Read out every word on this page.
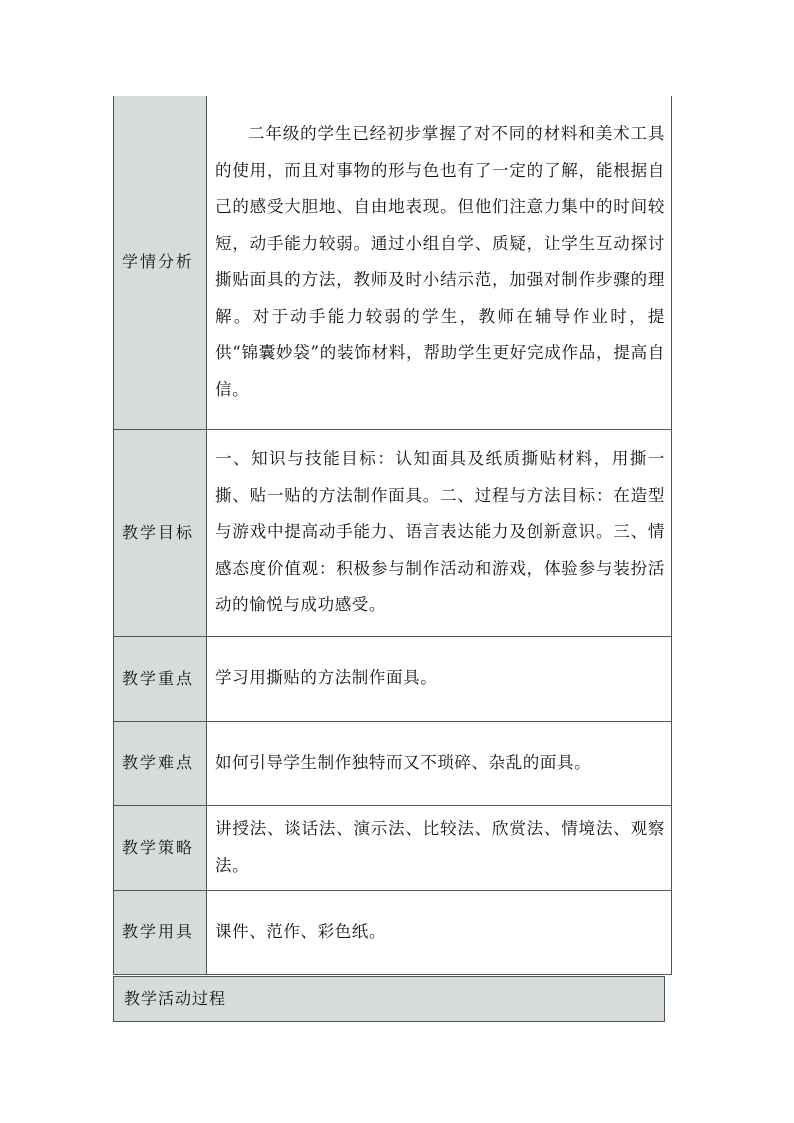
学情分析	二年级的学生已经初步掌握了对不同的材料和美术工具的使用，而且对事物的形与色也有了一定的了解，能根据自己的感受大胆地、自由地表现。但他们注意力集中的时间较短，动手能力较弱。通过小组自学、质疑，让学生互动探讨撕贴面具的方法，教师及时小结示范，加强对制作步骤的理解。对于动手能力较弱的学生，教师在辅导作业时，提供“锦囊妙袋”的装饰材料，帮助学生更好完成作品，提高自信。
教学目标	一、知识与技能目标：认知面具及纸质撕贴材料，用撕一撕、贴一贴的方法制作面具。二、过程与方法目标：在造型与游戏中提高动手能力、语言表达能力及创新意识。三、情感态度价值观：积极参与制作活动和游戏，体验参与装扮活动的愉悦与成功感受。
教学重点	学习用撕贴的方法制作面具。
教学难点	如何引导学生制作独特而又不琐碎、杂乱的面具。
教学策略	讲授法、谈话法、演示法、比较法、欣赏法、情境法、观察法。
教学用具	课件、范作、彩色纸。
教学活动过程
